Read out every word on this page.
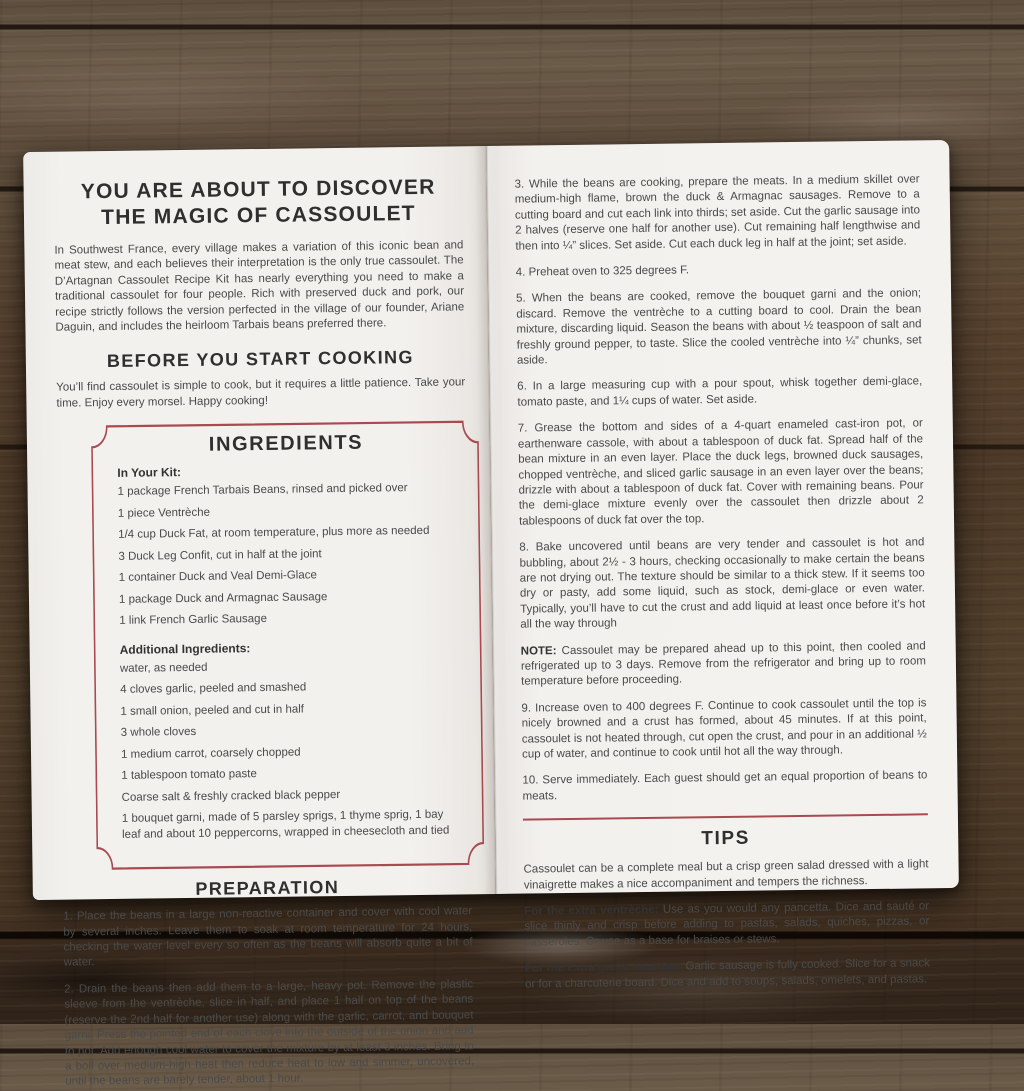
YOU ARE ABOUT TO DISCOVER
THE MAGIC OF CASSOULET

In Southwest France, every village makes a variation of this iconic bean and meat stew, and each believes their interpretation is the only true cassoulet. The D’Artagnan Cassoulet Recipe Kit has nearly everything you need to make a traditional cassoulet for four people. Rich with preserved duck and pork, our recipe strictly follows the version perfected in the village of our founder, Ariane Daguin, and includes the heirloom Tarbais beans preferred there.

BEFORE YOU START COOKING

You’ll find cassoulet is simple to cook, but it requires a little patience. Take your time. Enjoy every morsel. Happy cooking!

INGREDIENTS
In Your Kit:
1 package French Tarbais Beans, rinsed and picked over
1 piece Ventrèche
1/4 cup Duck Fat, at room temperature, plus more as needed
3 Duck Leg Confit, cut in half at the joint
1 container Duck and Veal Demi-Glace
1 package Duck and Armagnac Sausage
1 link French Garlic Sausage
Additional Ingredients:
water, as needed
4 cloves garlic, peeled and smashed
1 small onion, peeled and cut in half
3 whole cloves
1 medium carrot, coarsely chopped
1 tablespoon tomato paste
Coarse salt & freshly cracked black pepper
1 bouquet garni, made of 5 parsley sprigs, 1 thyme sprig, 1 bay leaf and about 10 peppercorns, wrapped in cheesecloth and tied
PREPARATION

1. Place the beans in a large non-reactive container and cover with cool water by several inches. Leave them to soak at room temperature for 24 hours, checking the water level every so often as the beans will absorb quite a bit of water.

2. Drain the beans then add them to a large, heavy pot. Remove the plastic sleeve from the ventrèche, slice in half, and place 1 half on top of the beans (reserve the 2nd half for another use) along with the garlic, carrot, and bouquet garni. Press the pointed end of each clove into the outside of the onion and add to pot. Add enough cool water to cover the mixture by at least 3 inches. Bring to a boil over medium-high heat then reduce heat to low and simmer, uncovered, until the beans are barely tender, about 1 hour.

3. While the beans are cooking, prepare the meats. In a medium skillet over medium-high flame, brown the duck & Armagnac sausages. Remove to a cutting board and cut each link into thirds; set aside. Cut the garlic sausage into 2 halves (reserve one half for another use). Cut remaining half lengthwise and then into ¼” slices. Set aside. Cut each duck leg in half at the joint; set aside.

4. Preheat oven to 325 degrees F.

5. When the beans are cooked, remove the bouquet garni and the onion; discard. Remove the ventrèche to a cutting board to cool. Drain the bean mixture, discarding liquid. Season the beans with about ½ teaspoon of salt and freshly ground pepper, to taste. Slice the cooled ventrèche into ¼” chunks, set aside.

6. In a large measuring cup with a pour spout, whisk together demi-glace, tomato paste, and 1¼ cups of water. Set aside.

7. Grease the bottom and sides of a 4-quart enameled cast-iron pot, or earthenware cassole, with about a tablespoon of duck fat. Spread half of the bean mixture in an even layer. Place the duck legs, browned duck sausages, chopped ventrèche, and sliced garlic sausage in an even layer over the beans; drizzle with about a tablespoon of duck fat. Cover with remaining beans. Pour the demi-glace mixture evenly over the cassoulet then drizzle about 2 tablespoons of duck fat over the top.

8. Bake uncovered until beans are very tender and cassoulet is hot and bubbling, about 2½ - 3 hours, checking occasionally to make certain the beans are not drying out. The texture should be similar to a thick stew. If it seems too dry or pasty, add some liquid, such as stock, demi-glace or even water. Typically, you’ll have to cut the crust and add liquid at least once before it’s hot all the way through

NOTE: Cassoulet may be prepared ahead up to this point, then cooled and refrigerated up to 3 days. Remove from the refrigerator and bring up to room temperature before proceeding.

9. Increase oven to 400 degrees F. Continue to cook cassoulet until the top is nicely browned and a crust has formed, about 45 minutes. If at this point, cassoulet is not heated through, cut open the crust, and pour in an additional ½ cup of water, and continue to cook until hot all the way through.

10. Serve immediately. Each guest should get an equal proportion of beans to meats.

TIPS

Cassoulet can be a complete meal but a crisp green salad dressed with a light vinaigrette makes a nice accompaniment and tempers the richness.

For the extra ventrèche: Use as you would any pancetta. Dice and sauté or slice thinly and crisp before adding to pastas, salads, quiches, pizzas, or casseroles. Or use as a base for braises or stews.

For the extra garlic sausage: Garlic sausage is fully cooked. Slice for a snack or for a charcuterie board. Dice and add to soups, salads, omelets, and pastas.
